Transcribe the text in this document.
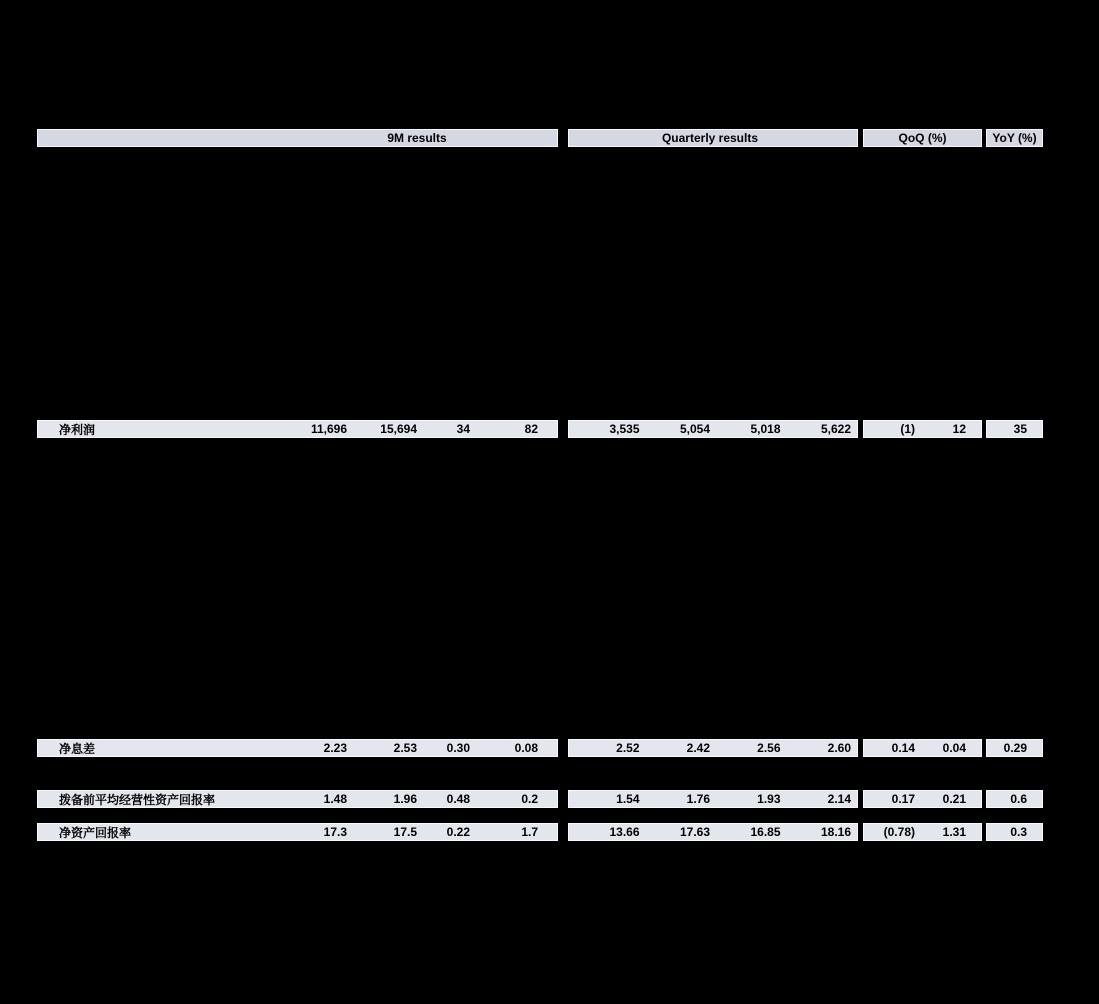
9M results	Quarterly results	QoQ (%)	YoY (%)
净利润	11,696	15,694	34	82	3,535	5,054	5,018	5,622	(1)	12	35
净息差	2.23	2.53	0.30	0.08	2.52	2.42	2.56	2.60	0.14	0.04	0.29
拨备前平均经营性资产回报率	1.48	1.96	0.48	0.2	1.54	1.76	1.93	2.14	0.17	0.21	0.6
净资产回报率	17.3	17.5	0.22	1.7	13.66	17.63	16.85	18.16	(0.78)	1.31	0.3
